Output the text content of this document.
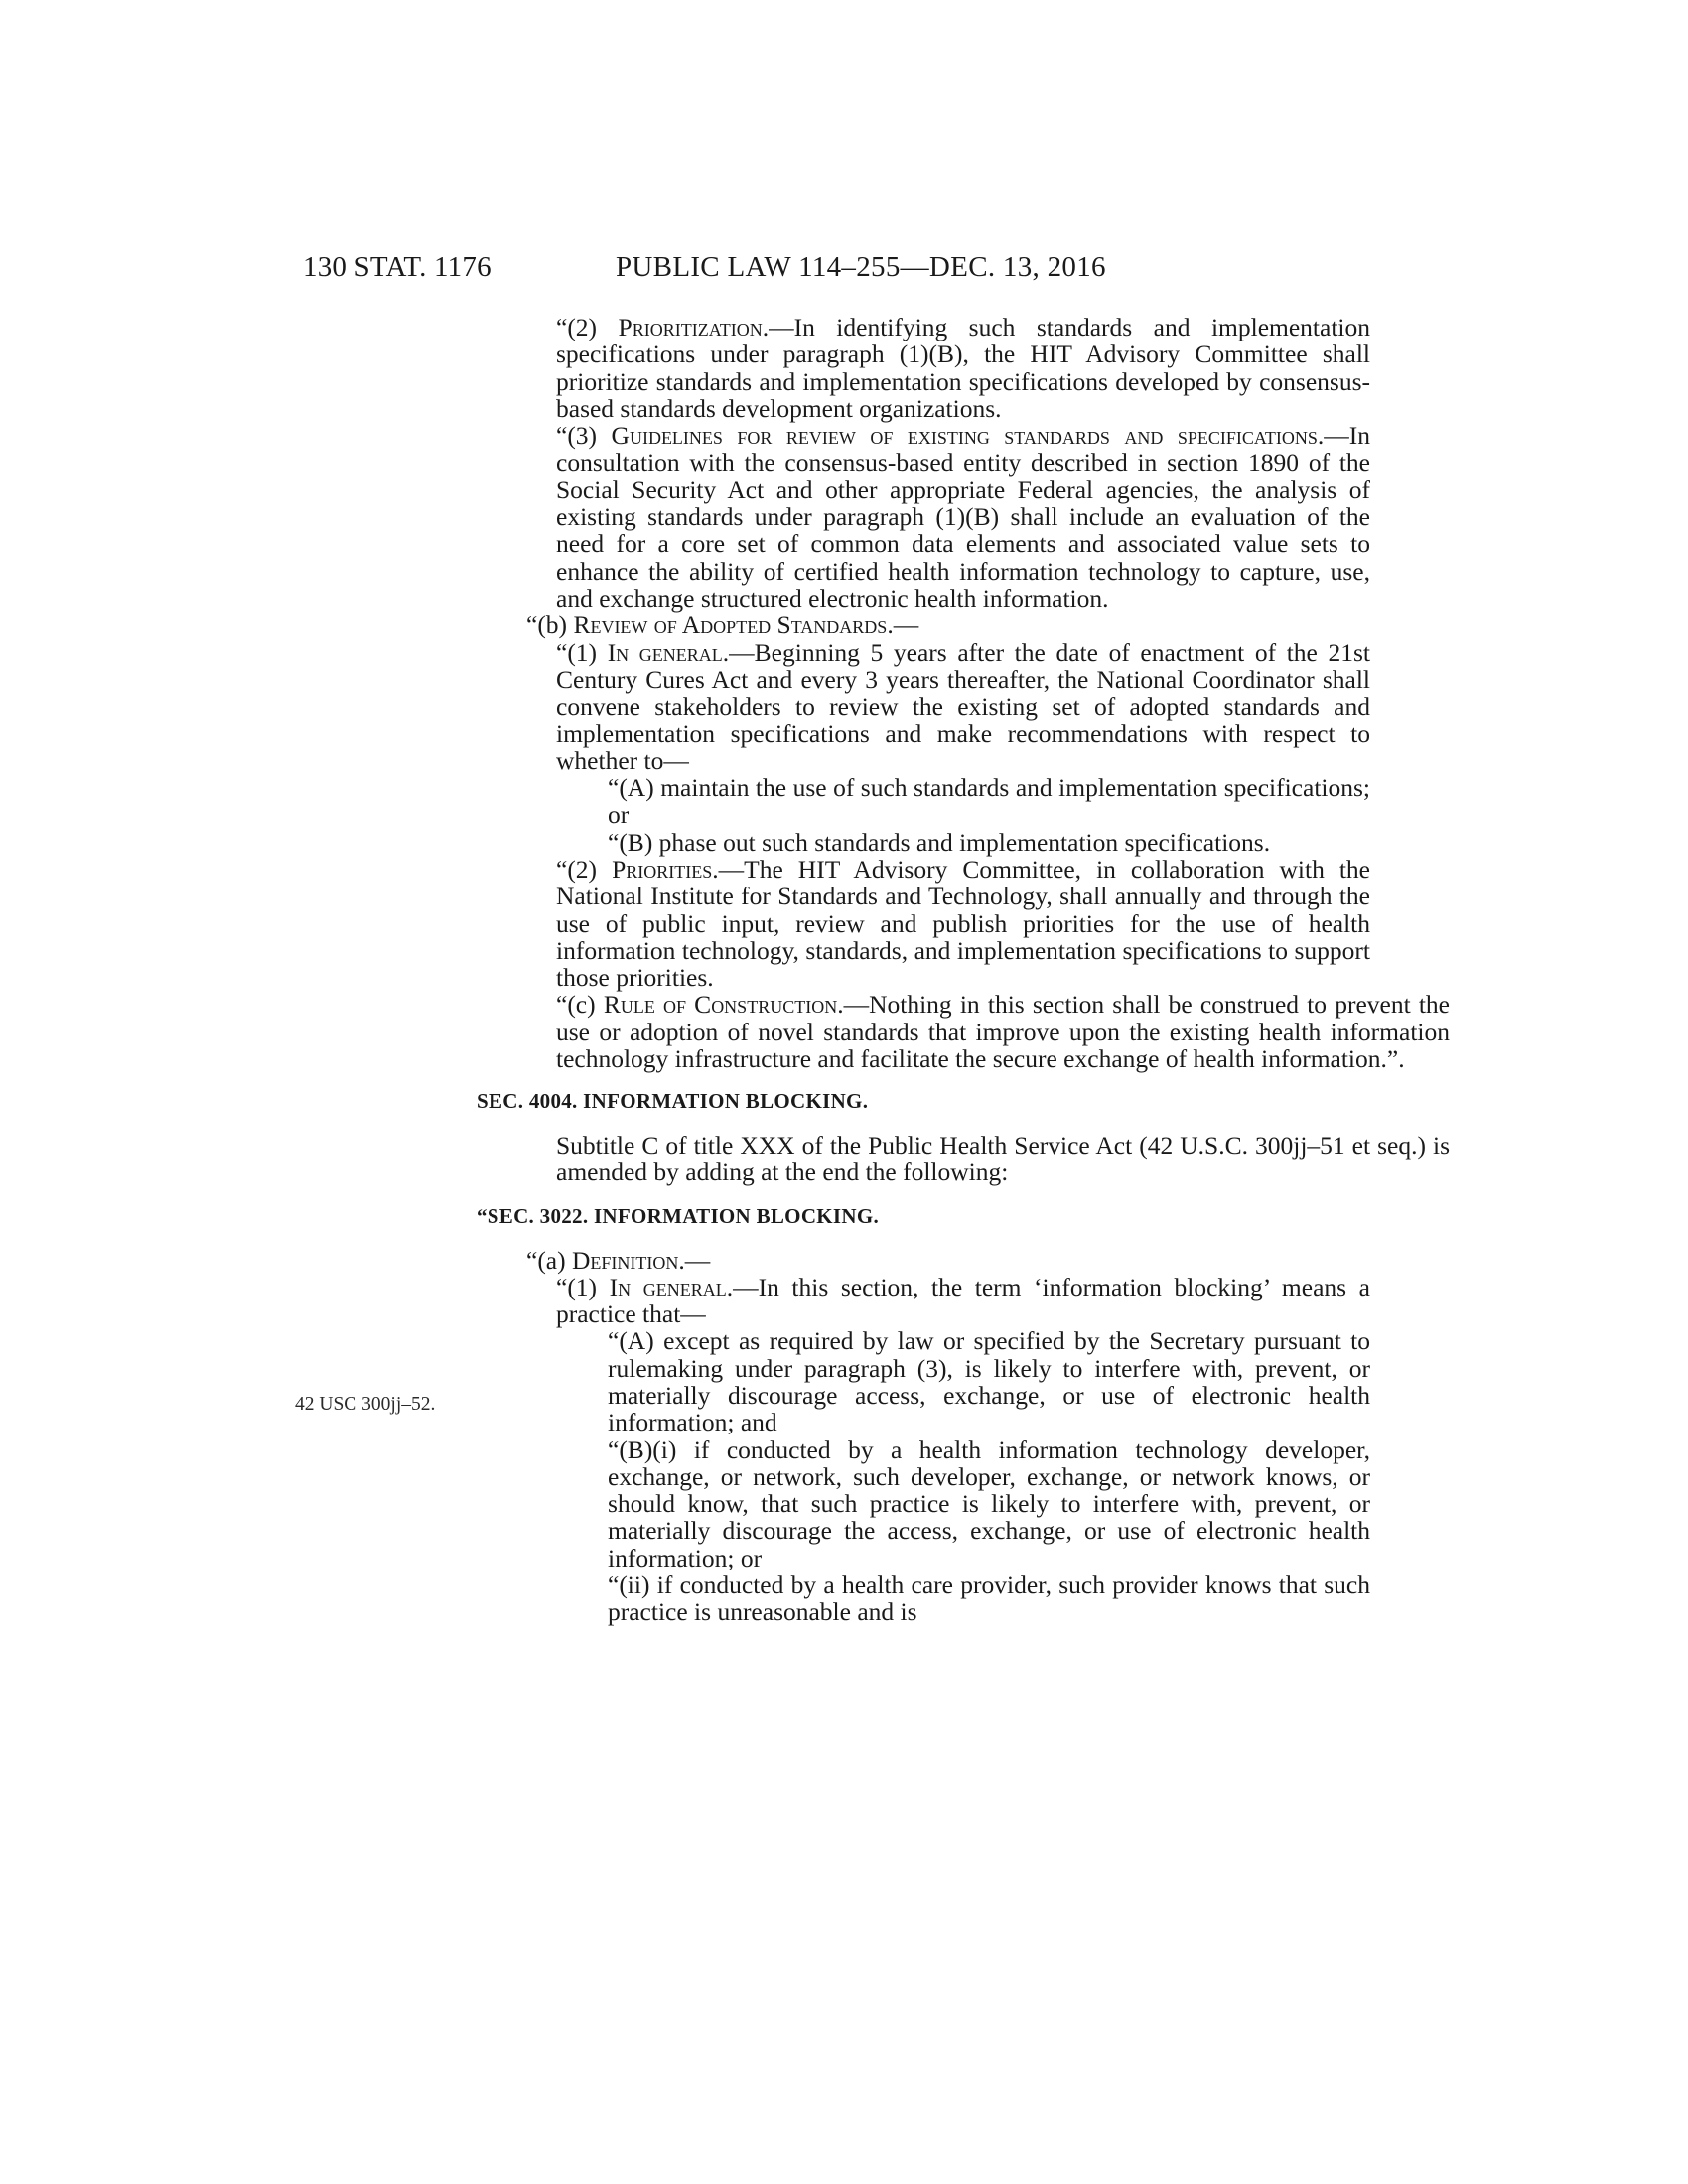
130 STAT. 1176	PUBLIC LAW 114–255—DEC. 13, 2016
42 USC 300jj–52.

“(2) Prioritization.—In identifying such standards and implementation specifications under paragraph (1)(B), the HIT Advisory Committee shall prioritize standards and implementation specifications developed by consensus-based standards development organizations.

“(3) Guidelines for review of existing standards and specifications.—In consultation with the consensus-based entity described in section 1890 of the Social Security Act and other appropriate Federal agencies, the analysis of existing standards under paragraph (1)(B) shall include an evaluation of the need for a core set of common data elements and associated value sets to enhance the ability of certified health information technology to capture, use, and exchange structured electronic health information.

“(b) Review of Adopted Standards.—

“(1) In general.—Beginning 5 years after the date of enactment of the 21st Century Cures Act and every 3 years thereafter, the National Coordinator shall convene stakeholders to review the existing set of adopted standards and implementation specifications and make recommendations with respect to whether to—

“(A) maintain the use of such standards and implementation specifications; or

“(B) phase out such standards and implementation specifications.

“(2) Priorities.—The HIT Advisory Committee, in collaboration with the National Institute for Standards and Technology, shall annually and through the use of public input, review and publish priorities for the use of health information technology, standards, and implementation specifications to support those priorities.

“(c) Rule of Construction.—Nothing in this section shall be construed to prevent the use or adoption of novel standards that improve upon the existing health information technology infrastructure and facilitate the secure exchange of health information.”.

SEC. 4004. INFORMATION BLOCKING.

Subtitle C of title XXX of the Public Health Service Act (42 U.S.C. 300jj–51 et seq.) is amended by adding at the end the following:

“SEC. 3022. INFORMATION BLOCKING.

“(a) Definition.—

“(1) In general.—In this section, the term ‘information blocking’ means a practice that—

“(A) except as required by law or specified by the Secretary pursuant to rulemaking under paragraph (3), is likely to interfere with, prevent, or materially discourage access, exchange, or use of electronic health information; and

“(B)(i) if conducted by a health information technology developer, exchange, or network, such developer, exchange, or network knows, or should know, that such practice is likely to interfere with, prevent, or materially discourage the access, exchange, or use of electronic health information; or

“(ii) if conducted by a health care provider, such provider knows that such practice is unreasonable and is
